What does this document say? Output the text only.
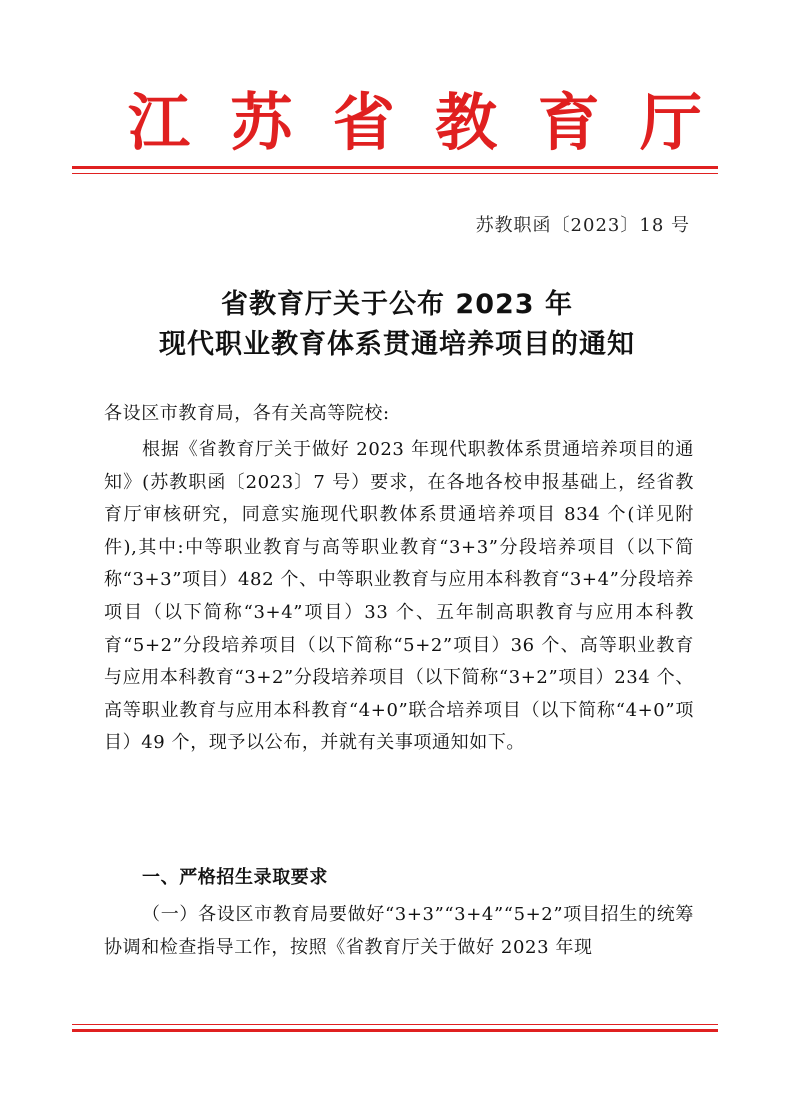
江 苏 省 教 育 厅
苏教职函〔2023〕18 号
省教育厅关于公布 2023 年
现代职业教育体系贯通培养项目的通知
各设区市教育局，各有关高等院校:
根据《省教育厅关于做好 2023 年现代职教体系贯通培养项目的通知》(苏教职函〔2023〕7 号）要求，在各地各校申报基础上，经省教育厅审核研究，同意实施现代职教体系贯通培养项目 834 个(详见附件),其中:中等职业教育与高等职业教育“3+3”分段培养项目（以下简称“3+3”项目）482 个、中等职业教育与应用本科教育“3+4”分段培养项目（以下简称“3+4”项目）33 个、五年制高职教育与应用本科教育“5+2”分段培养项目（以下简称“5+2”项目）36 个、高等职业教育与应用本科教育“3+2”分段培养项目（以下简称“3+2”项目）234 个、高等职业教育与应用本科教育“4+0”联合培养项目（以下简称“4+0”项目）49 个，现予以公布，并就有关事项通知如下。
一、严格招生录取要求
（一）各设区市教育局要做好“3+3”“3+4”“5+2”项目招生的统筹协调和检查指导工作，按照《省教育厅关于做好 2023 年现
